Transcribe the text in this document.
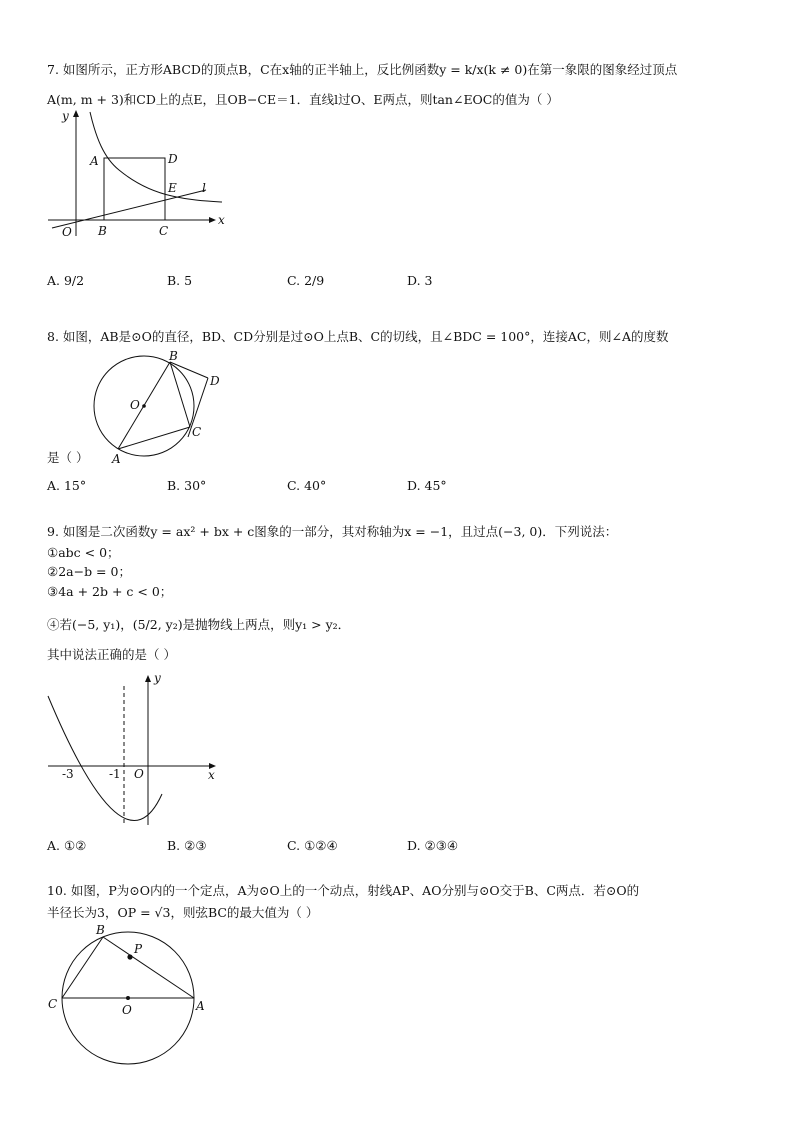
7. 如图所示，正方形ABCD的顶点B，C在x轴的正半轴上，反比例函数y = k/x(k ≠ 0)在第一象限的图象经过顶点
A(m, m + 3)和CD上的点E，且OB−CE＝1．直线l过O、E两点，则tan∠EOC的值为（ ）
y
x
A	D
E l
O B	C
A. 9/2	B. 5	C. 2/9	D. 3
8. 如图，AB是⊙O的直径，BD、CD分别是过⊙O上点B、C的切线，且∠BDC = 100°，连接AC，则∠A的度数
B
D
O
C
A
是（ ）
A. 15°	B. 30°	C. 40°	D. 45°
9. 如图是二次函数y = ax² + bx + c图象的一部分，其对称轴为x = −1，且过点(−3, 0)．下列说法：
①abc < 0；
②2a−b = 0；
③4a + 2b + c < 0；
④若(−5, y₁)，(5/2, y₂)是抛物线上两点，则y₁ > y₂．
其中说法正确的是（ ）
y
x
-3	-1 O
A. ①②	B. ②③	C. ①②④	D. ②③④
10. 如图，P为⊙O内的一个定点，A为⊙O上的一个动点，射线AP、AO分别与⊙O交于B、C两点．若⊙O的
半径长为3，OP = √3，则弦BC的最大值为（ ）
B
P
C	O	A
